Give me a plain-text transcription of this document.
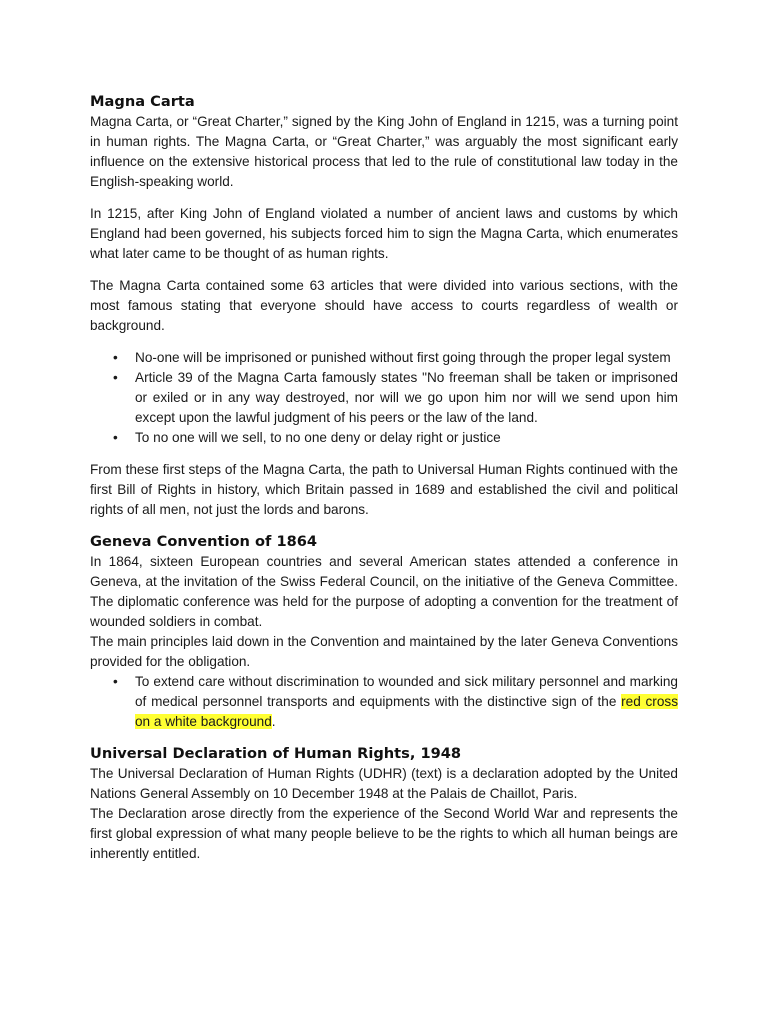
Magna Carta

Magna Carta, or “Great Charter,” signed by the King John of England in 1215, was a turning point in human rights. The Magna Carta, or “Great Charter,” was arguably the most significant early influence on the extensive historical process that led to the rule of constitutional law today in the English-speaking world.

In 1215, after King John of England violated a number of ancient laws and customs by which England had been governed, his subjects forced him to sign the Magna Carta, which enumerates what later came to be thought of as human rights.

The Magna Carta contained some 63 articles that were divided into various sections, with the most famous stating that everyone should have access to courts regardless of wealth or background.

• No-one will be imprisoned or punished without first going through the proper legal system
• Article 39 of the Magna Carta famously states "No freeman shall be taken or imprisoned or exiled or in any way destroyed, nor will we go upon him nor will we send upon him except upon the lawful judgment of his peers or the law of the land.
• To no one will we sell, to no one deny or delay right or justice

From these first steps of the Magna Carta, the path to Universal Human Rights continued with the first Bill of Rights in history, which Britain passed in 1689 and established the civil and political rights of all men, not just the lords and barons.

Geneva Convention of 1864

In 1864, sixteen European countries and several American states attended a conference in Geneva, at the invitation of the Swiss Federal Council, on the initiative of the Geneva Committee. The diplomatic conference was held for the purpose of adopting a convention for the treatment of wounded soldiers in combat.

The main principles laid down in the Convention and maintained by the later Geneva Conventions provided for the obligation.

• To extend care without discrimination to wounded and sick military personnel and marking of medical personnel transports and equipments with the distinctive sign of the red cross on a white background.
Universal Declaration of Human Rights, 1948

The Universal Declaration of Human Rights (UDHR) (text) is a declaration adopted by the United Nations General Assembly on 10 December 1948 at the Palais de Chaillot, Paris.

The Declaration arose directly from the experience of the Second World War and represents the first global expression of what many people believe to be the rights to which all human beings are inherently entitled.
